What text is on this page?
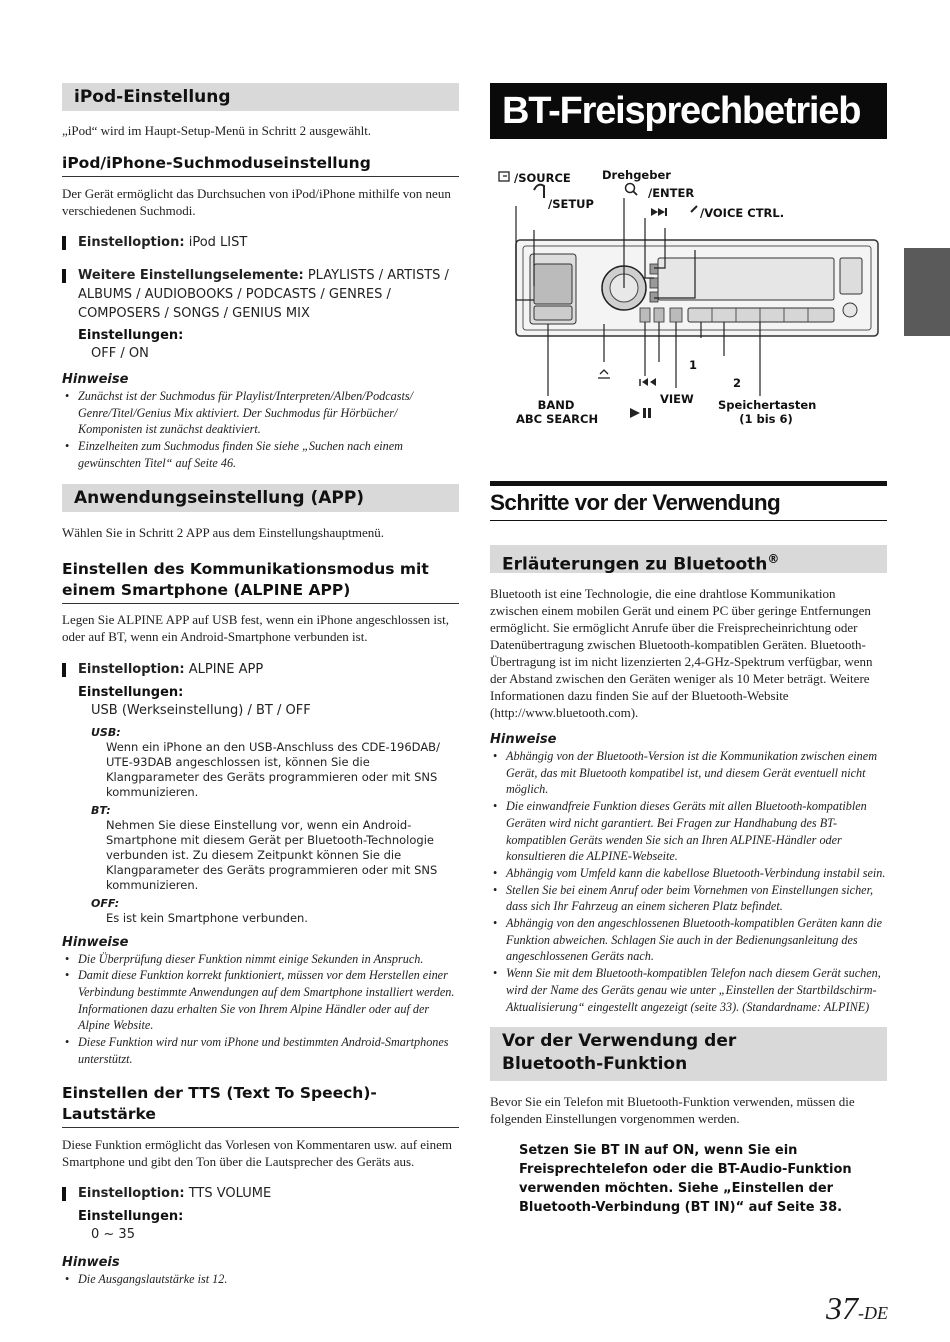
iPod-Einstellung

„iPod“ wird im Haupt-Setup-Menü in Schritt 2 ausgewählt.

iPod/iPhone-Suchmoduseinstellung

Der Gerät ermöglicht das Durchsuchen von iPod/iPhone mithilfe von neun verschiedenen Suchmodi.

Einstelloption: iPod LIST
Weitere Einstellungselemente: PLAYLISTS / ARTISTS / ALBUMS / AUDIOBOOKS / PODCASTS / GENRES / COMPOSERS / SONGS / GENIUS MIX
Einstellungen:
OFF / ON
Hinweise
• Zunächst ist der Suchmodus für Playlist/Interpreten/Alben/Podcasts/ Genre/Titel/Genius Mix aktiviert. Der Suchmodus für Hörbücher/ Komponisten ist zunächst deaktiviert.
• Einzelheiten zum Suchmodus finden Sie siehe „Suchen nach einem gewünschten Titel“ auf Seite 46.
Anwendungseinstellung (APP)

Wählen Sie in Schritt 2 APP aus dem Einstellungshauptmenü.

Einstellen des Kommunikationsmodus mit
einem Smartphone (ALPINE APP)

Legen Sie ALPINE APP auf USB fest, wenn ein iPhone angeschlossen ist, oder auf BT, wenn ein Android-Smartphone verbunden ist.

Einstelloption: ALPINE APP
Einstellungen:
USB (Werkseinstellung) / BT / OFF
USB:
Wenn ein iPhone an den USB-Anschluss des CDE-196DAB/ UTE-93DAB angeschlossen ist, können Sie die Klangparameter des Geräts programmieren oder mit SNS kommunizieren.
BT:
Nehmen Sie diese Einstellung vor, wenn ein Android-Smartphone mit diesem Gerät per Bluetooth-Technologie verbunden ist. Zu diesem Zeitpunkt können Sie die Klangparameter des Geräts programmieren oder mit SNS kommunizieren.
OFF:
Es ist kein Smartphone verbunden.
Hinweise
• Die Überprüfung dieser Funktion nimmt einige Sekunden in Anspruch.
• Damit diese Funktion korrekt funktioniert, müssen vor dem Herstellen einer Verbindung bestimmte Anwendungen auf dem Smartphone installiert werden. Informationen dazu erhalten Sie von Ihrem Alpine Händler oder auf der Alpine Website.
• Diese Funktion wird nur vom iPhone und bestimmten Android-Smartphones unterstützt.
Einstellen der TTS (Text To Speech)-Lautstärke

Diese Funktion ermöglicht das Vorlesen von Kommentaren usw. auf einem Smartphone und gibt den Ton über die Lautsprecher des Geräts aus.

Einstelloption: TTS VOLUME
Einstellungen:
0 ~ 35
Hinweis
• Die Ausgangslautstärke ist 12.
BT-Freisprechbetrieb
/SOURCE	Drehgeber
/SETUP
/ENTER
/VOICE CTRL.
1
2
VIEW
BAND
ABC SEARCH
Speichertasten
(1 bis 6)
Schritte vor der Verwendung
Erläuterungen zu Bluetooth®

Bluetooth ist eine Technologie, die eine drahtlose Kommunikation zwischen einem mobilen Gerät und einem PC über geringe Entfernungen ermöglicht. Sie ermöglicht Anrufe über die Freisprecheinrichtung oder Datenübertragung zwischen Bluetooth-kompatiblen Geräten. Bluetooth-Übertragung ist im nicht lizenzierten 2,4-GHz-Spektrum verfügbar, wenn der Abstand zwischen den Geräten weniger als 10 Meter beträgt. Weitere Informationen dazu finden Sie auf der Bluetooth-Website (http://www.bluetooth.com).

Hinweise
• Abhängig von der Bluetooth-Version ist die Kommunikation zwischen einem Gerät, das mit Bluetooth kompatibel ist, und diesem Gerät eventuell nicht möglich.
• Die einwandfreie Funktion dieses Geräts mit allen Bluetooth-kompatiblen Geräten wird nicht garantiert. Bei Fragen zur Handhabung des BT-kompatiblen Geräts wenden Sie sich an Ihren ALPINE-Händler oder konsultieren die ALPINE-Webseite.
• Abhängig vom Umfeld kann die kabellose Bluetooth-Verbindung instabil sein.
• Stellen Sie bei einem Anruf oder beim Vornehmen von Einstellungen sicher, dass sich Ihr Fahrzeug an einem sicheren Platz befindet.
• Abhängig von den angeschlossenen Bluetooth-kompatiblen Geräten kann die Funktion abweichen. Schlagen Sie auch in der Bedienungsanleitung des angeschlossenen Geräts nach.
• Wenn Sie mit dem Bluetooth-kompatiblen Telefon nach diesem Gerät suchen, wird der Name des Geräts genau wie unter „Einstellen der Startbildschirm-Aktualisierung“ eingestellt angezeigt (seite 33). (Standardname: ALPINE)
Vor der Verwendung der
Bluetooth-Funktion

Bevor Sie ein Telefon mit Bluetooth-Funktion verwenden, müssen die folgenden Einstellungen vorgenommen werden.

Setzen Sie BT IN auf ON, wenn Sie ein Freisprechtelefon oder die BT-Audio-Funktion verwenden möchten. Siehe „Einstellen der Bluetooth-Verbindung (BT IN)“ auf Seite 38.

37-DE
